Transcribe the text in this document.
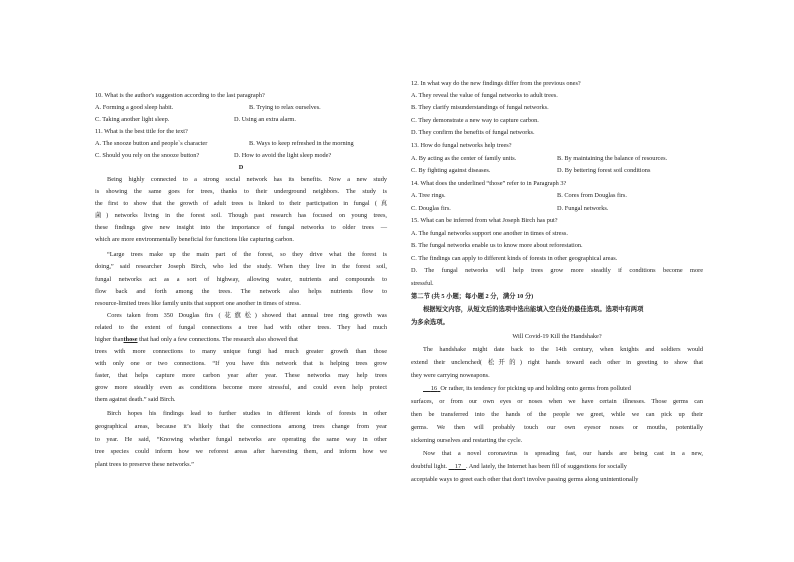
10. What is the author's suggestion according to the last paragraph?
A. Forming a good sleep habit.	B. Trying to relax ourselves.
C. Taking another light sleep.	D. Using an extra alarm.
11. What is the best title for the text?
A. The snooze button and people`s character	B. Ways to keep refreshed in the morning
C. Should you rely on the snooze button?	D. How to avoid the light sleep mode?
D
Being highly connected to a strong social network has its benefits. Now a new study
is showing the same goes for trees, thanks to their underground neighbors. The study is
the first to show that the growth of adult trees is linked to their participation in fungal (真
菌) networks living in the forest soil. Though past research has focused on young trees,
these findings give new insight into the importance of fungal networks to older trees —
which are more environmentally beneficial for functions like capturing carbon.
“Large trees make up the main part of the forest, so they drive what the forest is
doing,” said researcher Joseph Birch, who led the study. When they live in the forest soil,
fungal networks act as a sort of highway, allowing water, nutrients and compounds to
flow back and forth among the trees. The network also helps nutrients flow to
resource-limited trees like family units that support one another in times of stress.
Cores taken from 350 Douglas firs (花旗松) showed that annual tree ring growth was
related to the extent of fungal connections a tree had with other trees. They had much
higher thanthose that had only a few connections. The research also showed that
trees with more connections to many unique fungi had much greater growth than those
with only one or two connections. “If you have this network that is helping trees grow
faster, that helps capture more carbon year after year. These networks may help trees
grow more steadily even as conditions become more stressful, and could even help protect
them against death.” said Birch.
Birch hopes his findings lead to further studies in different kinds of forests in other
geographical areas, because it’s likely that the connections among trees change from year
to year. He said, “Knowing whether fungal networks are operating the same way in other
tree species could inform how we reforest areas after harvesting them, and inform how we
plant trees to preserve these networks.”
12. In what way do the new findings differ from the previous ones?
A. They reveal the value of fungal networks to adult trees.
B. They clarify misunderstandings of fungal networks.
C. They demonstrate a new way to capture carbon.
D. They confirm the benefits of fungal networks.
13. How do fungal networks help trees?
A. By acting as the center of family units.	B. By maintaining the balance of resources.
C. By fighting against diseases.	D. By bettering forest soil conditions
14. What does the underlined “those” refer to in Paragraph 3?
A. Tree rings.	B. Cores from Douglas firs.
C. Douglas firs.	D. Fungal networks.
15. What can be inferred from what Joseph Birch has put?
A. The fungal networks support one another in times of stress.
B. The fungal networks enable us to know more about reforestation.
C. The findings can apply to different kinds of forests in other geographical areas.
D. The fungal networks will help trees grow more steadily if conditions become more
stressful.
第二节 (共 5 小题；每小题 2 分，满分 10 分)
根据短文内容，从短文后的选项中选出能填入空白处的最佳选项。选项中有两项
为多余选项。
Will Covid-19 Kill the Handshake?
The handshake might date back to the 14th century, when knights and soldiers would
extend their unclenched( 松开的) right hands toward each other in greeting to show that
they were carrying noweapons.
16 Or rather, its tendency for picking up and holding onto germs from polluted
surfaces, or from our own eyes or noses when we have certain illnesses. Those germs can
then be transferred into the hands of the people we greet, while we can pick up their
germs. We then will probably touch our own eyesor noses or mouths, potentially
sickening ourselves and restarting the cycle.
Now that a novel coronavirus is spreading fast, our hands are being cast in a new,
doubtful light.     17 . And lately, the Internet has been fill of suggestions for socially
acceptable ways to greet each other that don't involve passing germs along unintentionally
